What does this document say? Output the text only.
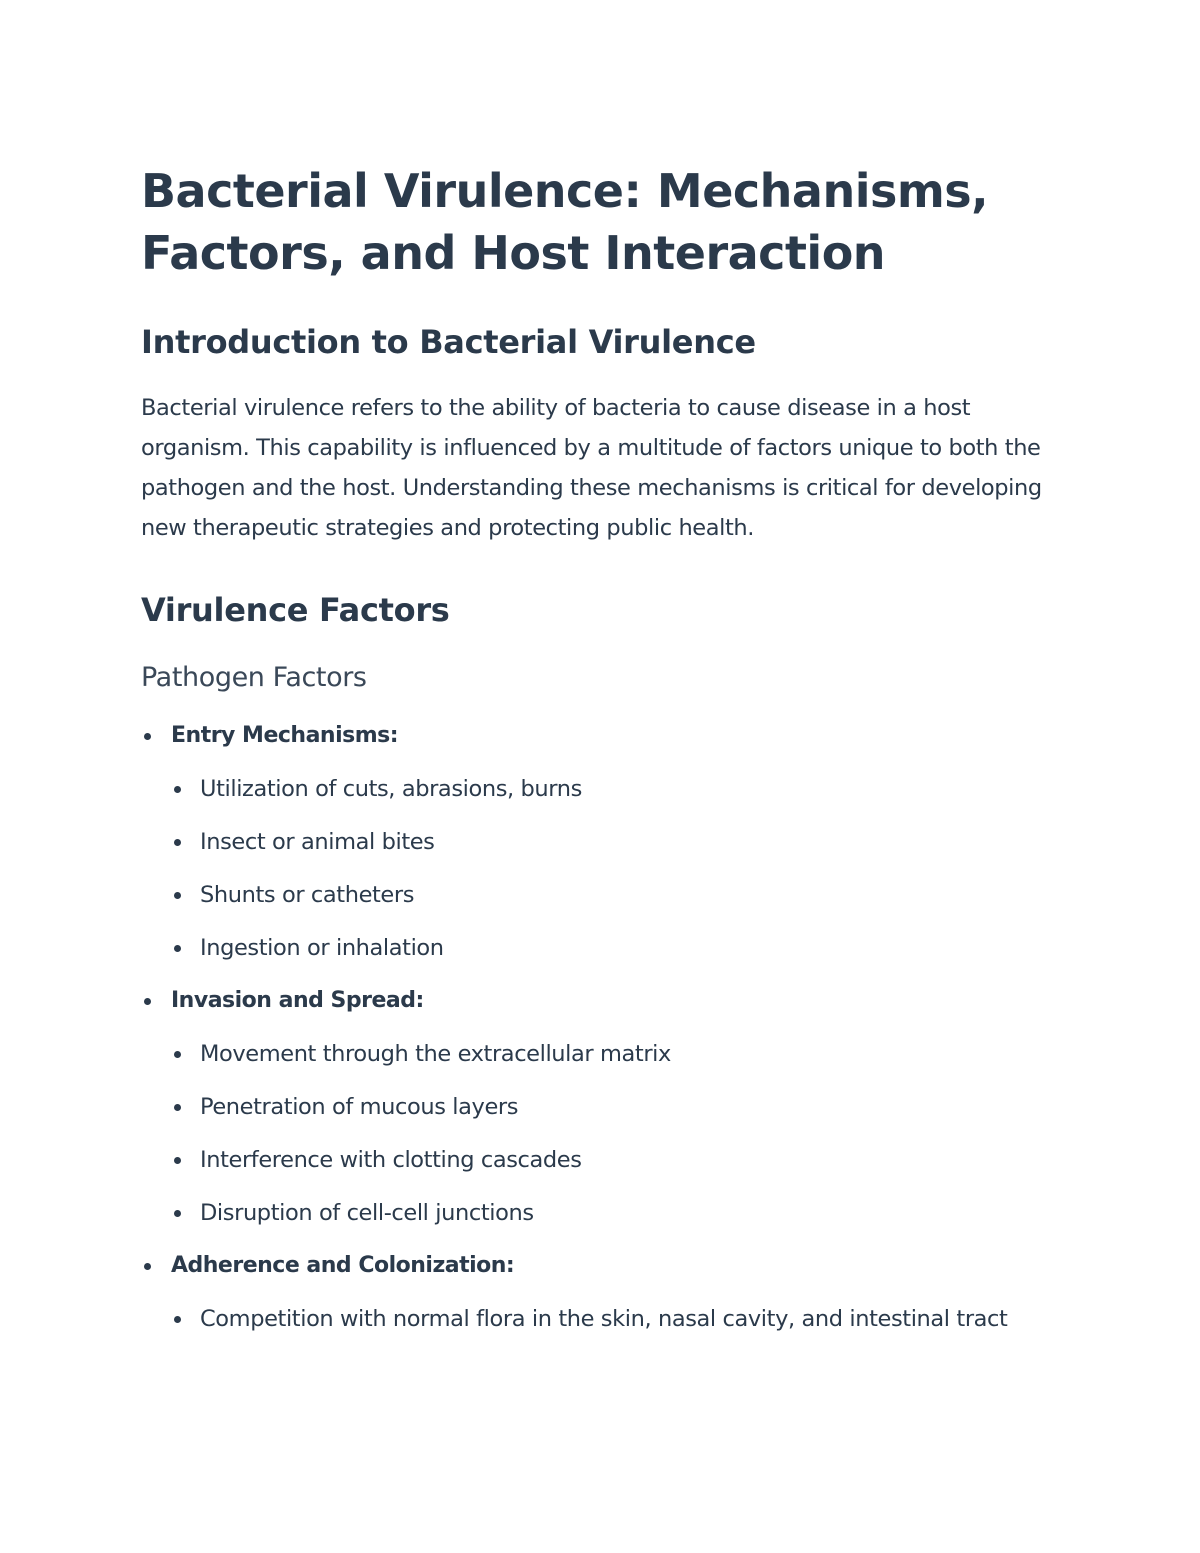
Bacterial Virulence: Mechanisms, Factors, and Host Interaction
Introduction to Bacterial Virulence

Bacterial virulence refers to the ability of bacteria to cause disease in a host organism. This capability is influenced by a multitude of factors unique to both the pathogen and the host. Understanding these mechanisms is critical for developing new therapeutic strategies and protecting public health.

Virulence Factors
Pathogen Factors
Entry Mechanisms:
Utilization of cuts, abrasions, burns
Insect or animal bites
Shunts or catheters
Ingestion or inhalation
Invasion and Spread:
Movement through the extracellular matrix
Penetration of mucous layers
Interference with clotting cascades
Disruption of cell-cell junctions
Adherence and Colonization:
Competition with normal flora in the skin, nasal cavity, and intestinal tract
